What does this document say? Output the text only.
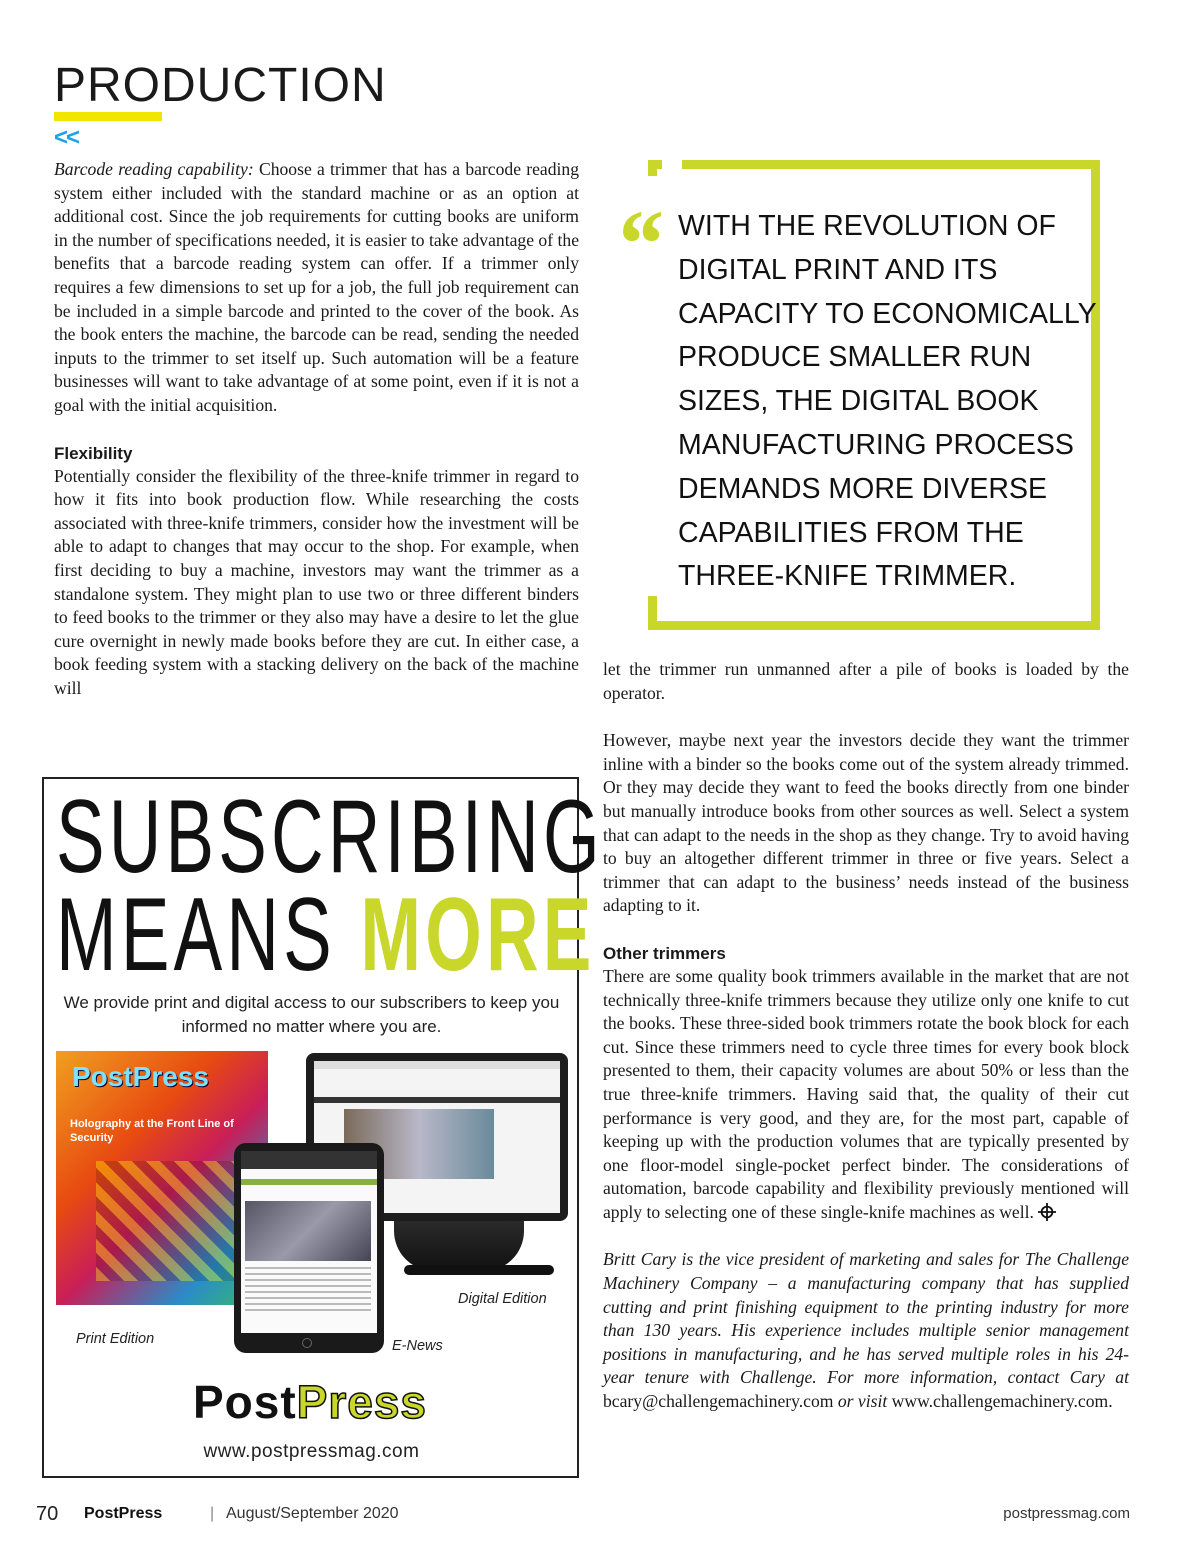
PRODUCTION
<<

Barcode reading capability: Choose a trimmer that has a barcode reading system either included with the standard machine or as an option at additional cost. Since the job requirements for cutting books are uniform in the number of specifications needed, it is easier to take advantage of the benefits that a barcode reading system can offer. If a trimmer only requires a few dimensions to set up for a job, the full job requirement can be included in a simple barcode and printed to the cover of the book. As the book enters the machine, the barcode can be read, sending the needed inputs to the trimmer to set itself up. Such automation will be a feature businesses will want to take advantage of at some point, even if it is not a goal with the initial acquisition.

Flexibility
Potentially consider the flexibility of the three-knife trimmer in regard to how it fits into book production flow. While researching the costs associated with three-knife trimmers, consider how the investment will be able to adapt to changes that may occur to the shop. For example, when first deciding to buy a machine, investors may want the trimmer as a standalone system. They might plan to use two or three different binders to feed books to the trimmer or they also may have a desire to let the glue cure overnight in newly made books before they are cut. In either case, a book feeding system with a stacking delivery on the back of the machine will

“ WITH THE REVOLUTION OF DIGITAL PRINT AND ITS CAPACITY TO ECONOMICALLY PRODUCE SMALLER RUN SIZES, THE DIGITAL BOOK MANUFACTURING PROCESS DEMANDS MORE DIVERSE CAPABILITIES FROM THE THREE-KNIFE TRIMMER.

let the trimmer run unmanned after a pile of books is loaded by the operator.

However, maybe next year the investors decide they want the trimmer inline with a binder so the books come out of the system already trimmed. Or they may decide they want to feed the books directly from one binder but manually introduce books from other sources as well. Select a system that can adapt to the needs in the shop as they change. Try to avoid having to buy an altogether different trimmer in three or five years. Select a trimmer that can adapt to the business’ needs instead of the business adapting to it.

Other trimmers
There are some quality book trimmers available in the market that are not technically three-knife trimmers because they utilize only one knife to cut the books. These three-sided book trimmers rotate the book block for each cut. Since these trimmers need to cycle three times for every book block presented to them, their capacity volumes are about 50% or less than the true three-knife trimmers. Having said that, the quality of their cut performance is very good, and they are, for the most part, capable of keeping up with the production volumes that are typically presented by one floor-model single-pocket perfect binder. The considerations of automation, barcode capability and flexibility previously mentioned will apply to selecting one of these single-knife machines as well.

Britt Cary is the vice president of marketing and sales for The Challenge Machinery Company – a manufacturing company that has supplied cutting and print finishing equipment to the printing industry for more than 130 years. His experience includes multiple senior management positions in manufacturing, and he has served multiple roles in his 24-year tenure with Challenge. For more information, contact Cary at bcary@challengemachinery.com or visit www.challengemachinery.com.

SUBSCRIBING
MEANS MORE
We provide print and digital access to our subscribers to keep you informed no matter where you are.
PostPress
Holography at the Front Line of Security
Print Edition
Digital Edition
E-News
PostPress
www.postpressmag.com
70 PostPress	| August/September 2020	postpressmag.com
